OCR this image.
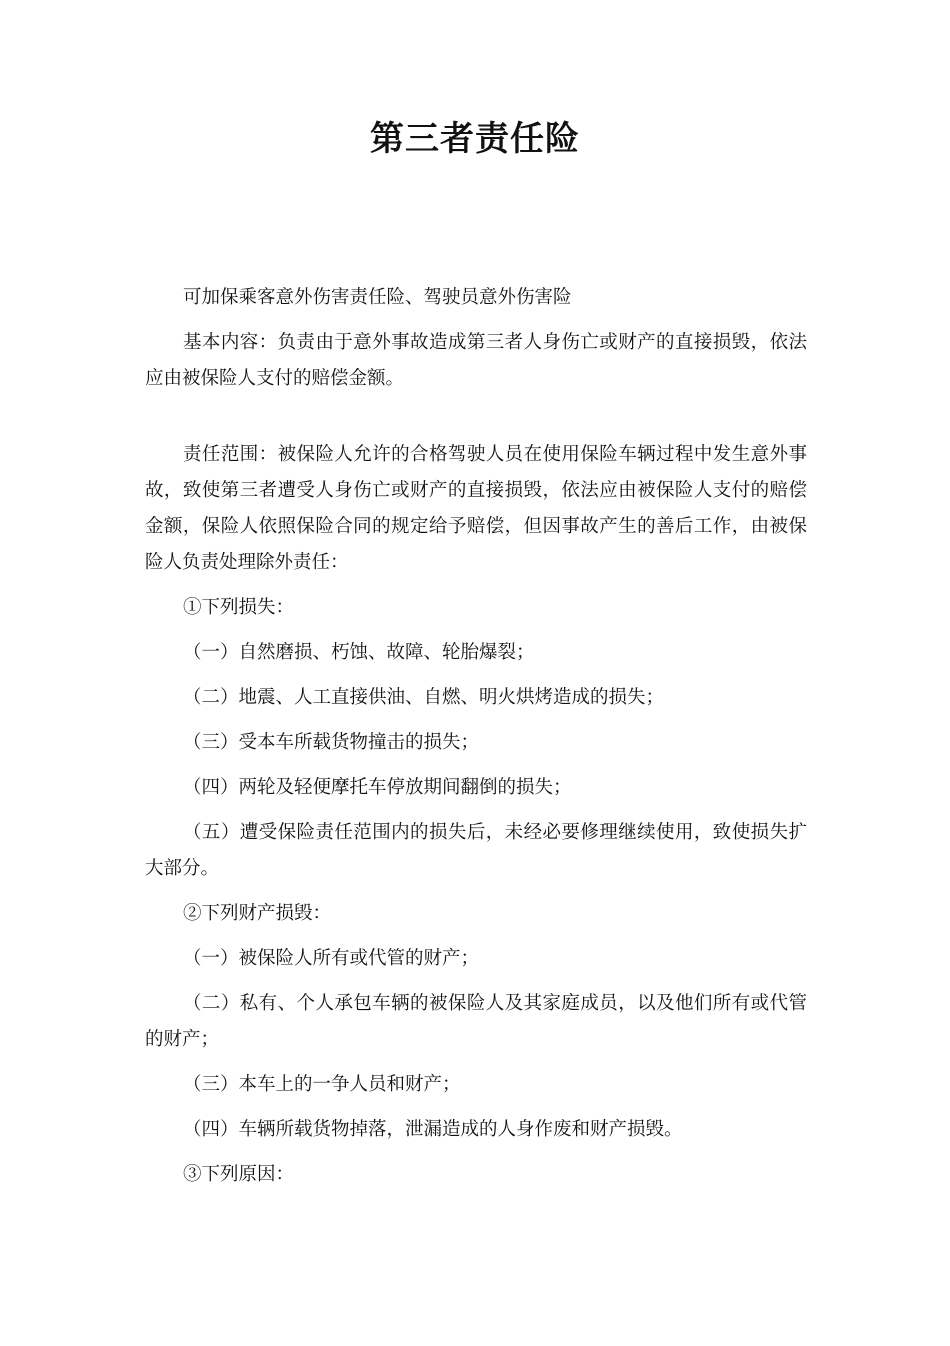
第三者责任险

可加保乘客意外伤害责任险、驾驶员意外伤害险

基本内容：负责由于意外事故造成第三者人身伤亡或财产的直接损毁，依法应由被保险人支付的赔偿金额。

责任范围：被保险人允许的合格驾驶人员在使用保险车辆过程中发生意外事故，致使第三者遭受人身伤亡或财产的直接损毁，依法应由被保险人支付的赔偿金额，保险人依照保险合同的规定给予赔偿，但因事故产生的善后工作，由被保险人负责处理除外责任：

①下列损失：

（一）自然磨损、朽蚀、故障、轮胎爆裂；

（二）地震、人工直接供油、自燃、明火烘烤造成的损失；

（三）受本车所载货物撞击的损失；

（四）两轮及轻便摩托车停放期间翻倒的损失；

（五）遭受保险责任范围内的损失后，未经必要修理继续使用，致使损失扩大部分。

②下列财产损毁：

（一）被保险人所有或代管的财产；

（二）私有、个人承包车辆的被保险人及其家庭成员，以及他们所有或代管的财产；

（三）本车上的一争人员和财产；

（四）车辆所载货物掉落，泄漏造成的人身作废和财产损毁。

③下列原因：
